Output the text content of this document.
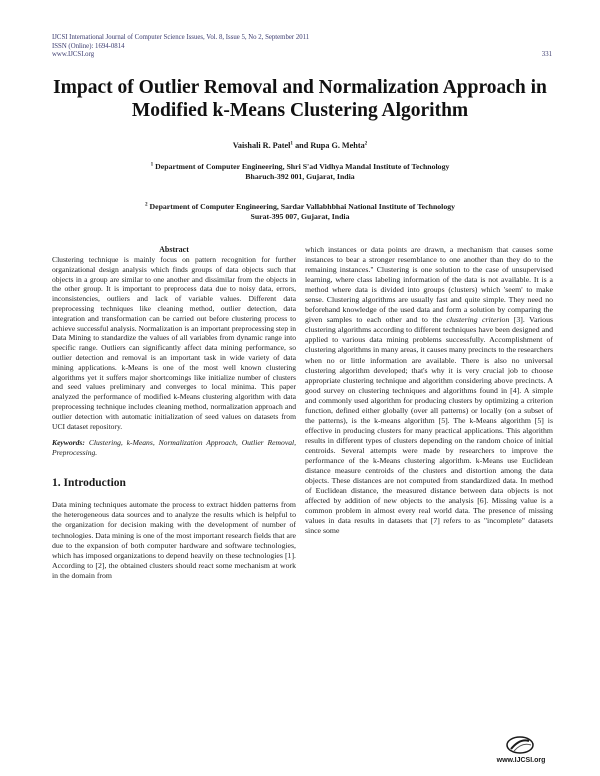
IJCSI International Journal of Computer Science Issues, Vol. 8, Issue 5, No 2, September 2011
ISSN (Online): 1694-0814
www.IJCSI.org	331
Impact of Outlier Removal and Normalization Approach in
Modified k-Means Clustering Algorithm
Vaishali R. Patel$^1$ and Rupa G. Mehta$^2$
$^1$ Department of Computer Engineering, Shri S'ad Vidhya Mandal Institute of Technology
Bharuch-392 001, Gujarat, India
$^2$ Department of Computer Engineering, Sardar Vallabhbhai National Institute of Technology
Surat-395 007, Gujarat, India
Abstract

Clustering technique is mainly focus on pattern recognition for further organizational design analysis which finds groups of data objects such that objects in a group are similar to one another and dissimilar from the objects in the other group. It is important to preprocess data due to noisy data, errors, inconsistencies, outliers and lack of variable values. Different data preprocessing techniques like cleaning method, outlier detection, data integration and transformation can be carried out before clustering process to achieve successful analysis. Normalization is an important preprocessing step in Data Mining to standardize the values of all variables from dynamic range into specific range. Outliers can significantly affect data mining performance, so outlier detection and removal is an important task in wide variety of data mining applications. k-Means is one of the most well known clustering algorithms yet it suffers major shortcomings like initialize number of clusters and seed values preliminary and converges to local minima. This paper analyzed the performance of modified k-Means clustering algorithm with data preprocessing technique includes cleaning method, normalization approach and outlier detection with automatic initialization of seed values on datasets from UCI dataset repository.

Keywords: Clustering, k-Means, Normalization Approach, Outlier Removal, Preprocessing.

1. Introduction

Data mining techniques automate the process to extract hidden patterns from the heterogeneous data sources and to analyze the results which is helpful to the organization for decision making with the development of number of technologies. Data mining is one of the most important research fields that are due to the expansion of both computer hardware and software technologies, which has imposed organizations to depend heavily on these technologies [1]. According to [2], the obtained clusters should react some mechanism at work in the domain from

which instances or data points are drawn, a mechanism that causes some instances to bear a stronger resemblance to one another than they do to the remaining instances." Clustering is one solution to the case of unsupervised learning, where class labeling information of the data is not available. It is a method where data is divided into groups (clusters) which 'seem' to make sense. Clustering algorithms are usually fast and quite simple. They need no beforehand knowledge of the used data and form a solution by comparing the given samples to each other and to the clustering criterion [3]. Various clustering algorithms according to different techniques have been designed and applied to various data mining problems successfully. Accomplishment of clustering algorithms in many areas, it causes many precincts to the researchers when no or little information are available. There is also no universal clustering algorithm developed; that's why it is very crucial job to choose appropriate clustering technique and algorithm considering above precincts. A good survey on clustering techniques and algorithms found in [4]. A simple and commonly used algorithm for producing clusters by optimizing a criterion function, defined either globally (over all patterns) or locally (on a subset of the patterns), is the k-means algorithm [5]. The k-Means algorithm [5] is effective in producing clusters for many practical applications. This algorithm results in different types of clusters depending on the random choice of initial centroids. Several attempts were made by researchers to improve the performance of the k-Means clustering algorithm. k-Means use Euclidean distance measure centroids of the clusters and distortion among the data objects. These distances are not computed from standardized data. In method of Euclidean distance, the measured distance between data objects is not affected by addition of new objects to the analysis [6]. Missing value is a common problem in almost every real world data. The presence of missing values in data results in datasets that [7] refers to as "incomplete" datasets since some

www.IJCSI.org
